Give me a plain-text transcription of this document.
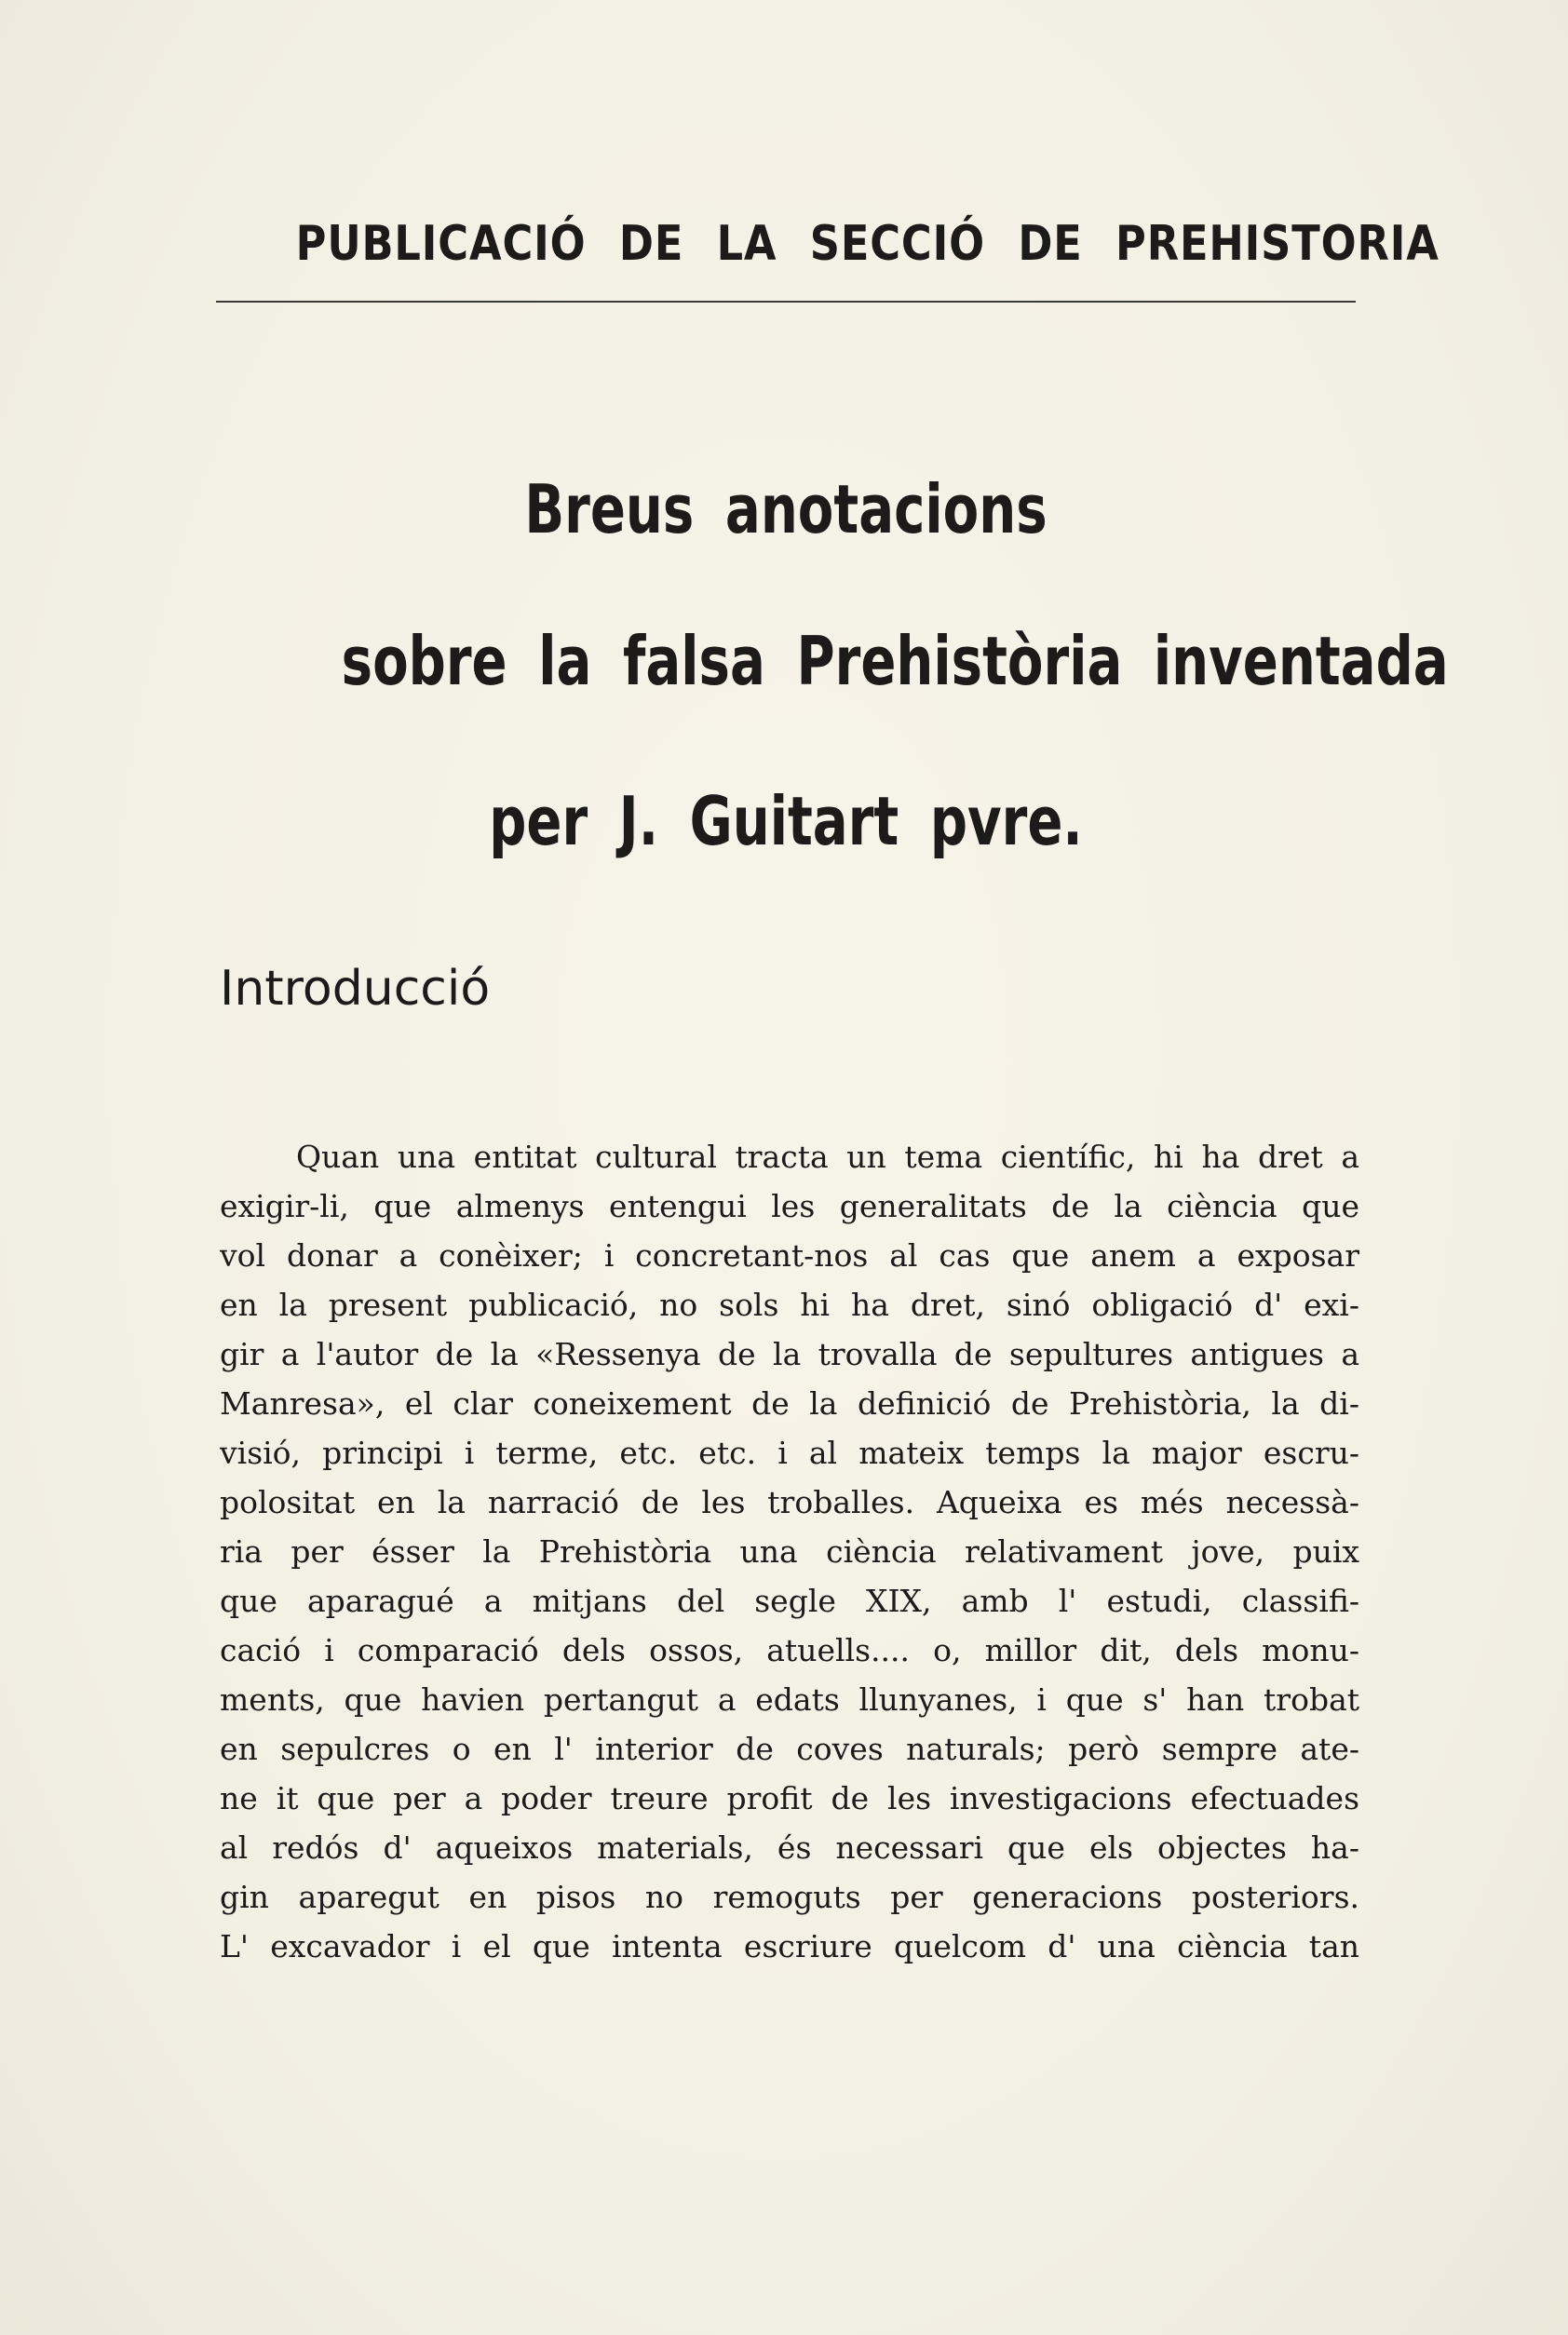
PUBLICACIÓ DE LA SECCIÓ DE PREHISTORIA
Breus anotacions
sobre la falsa Prehistòria inventada
per J. Guitart pvre.
Introducció
Quan una entitat cultural tracta un tema científic, hi ha dret a
exigir-li, que almenys entengui les generalitats de la ciència que
vol donar a conèixer; i concretant-nos al cas que anem a exposar
en la present publicació, no sols hi ha dret, sinó obligació d' exi-
gir a l'autor de la «Ressenya de la trovalla de sepultures antigues a
Manresa», el clar coneixement de la definició de Prehistòria, la di-
visió, principi i terme, etc. etc. i al mateix temps la major escru-
polositat en la narració de les troballes. Aqueixa es més necessà-
ria per ésser la Prehistòria una ciència relativament jove, puix
que aparagué a mitjans del segle XIX, amb l' estudi, classifi-
cació i comparació dels ossos, atuells.... o, millor dit, dels monu-
ments, que havien pertangut a edats llunyanes, i que s' han trobat
en sepulcres o en l' interior de coves naturals; però sempre ate-
ne it que per a poder treure profit de les investigacions efectuades
al redós d' aqueixos materials, és necessari que els objectes ha-
gin aparegut en pisos no remoguts per generacions posteriors.
L' excavador i el que intenta escriure quelcom d' una ciència tan
